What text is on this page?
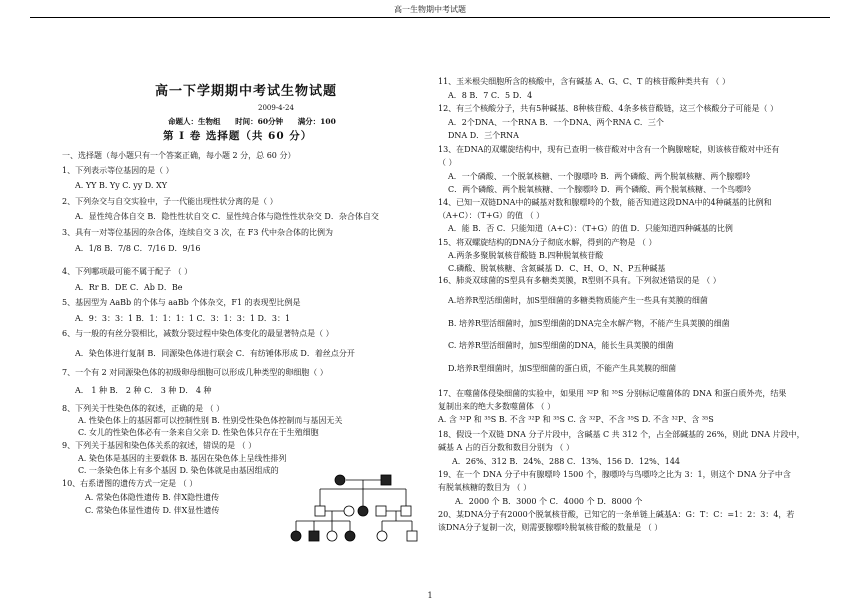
高一生物期中考试题
高一下学期期中考试生物试题
2009-4-24
命题人：生物组 时间：60分钟 满分：100
第 I 卷 选择题（共 60 分）
一、选择题（每小题只有一个答案正确，每小题 2 分，总 60 分）
1、下列表示等位基因的是（ ）
A. YY B. Yy C. yy D. XY
2、下列杂交与自交实验中，子一代能出现性状分离的是（ ）
A．显性纯合体自交 B．隐性性状自交 C．显性纯合体与隐性性状杂交 D．杂合体自交
3、具有一对等位基因的杂合体，连续自交 3 次，在 F3 代中杂合体的比例为
A．1/8 B．7/8 C．7/16 D．9/16
4、下列哪项最可能不属于配子 （ ）
A．Rr B．DE C．Ab D．Be
5、基因型为 AaBb 的个体与 aaBb 个体杂交，F1 的表现型比例是
A．9：3：3：1 B．1：1：1：1 C．3：1：3：1 D．3：1
6、与一般的有丝分裂相比，减数分裂过程中染色体变化的最显著特点是（ ）
A．染色体进行复制 B．同源染色体进行联会 C．有纺锤体形成 D．着丝点分开
7、一个有 2 对同源染色体的初级卵母细胞可以形成几种类型的卵细胞（ ）
A． 1 种 B． 2 种 C． 3 种 D． 4 种
8、下列关于性染色体的叙述，正确的是 （ ）
A. 性染色体上的基因都可以控制性别 B. 性别受性染色体控制而与基因无关
C. 女儿的性染色体必有一条来自父亲 D. 性染色体只存在于生殖细胞
9、下列关于基因和染色体关系的叙述，错误的是 （ ）
A. 染色体是基因的主要载体 B. 基因在染色体上呈线性排列
C. 一条染色体上有多个基因 D. 染色体就是由基因组成的
10、右系谱图的遗传方式一定是 （ ）
A. 常染色体隐性遗传 B. 伴X隐性遗传
C. 常染色体显性遗传 D. 伴X显性遗传
11、玉米根尖细胞所含的核酸中，含有碱基 A、G、C、T 的核苷酸种类共有 （ ）
A．8 B．7 C．5 D．4
12、有三个核酸分子，共有5种碱基、8种核苷酸、4条多核苷酸链，这三个核酸分子可能是（ ）
A．2个DNA、一个RNA B．一个DNA、两个RNA C．三个
DNA D．三个RNA
13、在DNA的双螺旋结构中，现有已查明一核苷酸对中含有一个胸腺嘧啶，则该核苷酸对中还有
（ ）
A．一个磷酸、一个脱氧核糖、一个腺嘌呤 B．两个磷酸、两个脱氧核糖、两个腺嘌呤
C．两个磷酸、两个脱氧核糖、一个腺嘌呤 D．两个磷酸、两个脱氧核糖、一个鸟嘌呤
14、已知一双链DNA中的碱基对数和腺嘌呤的个数，能否知道这段DNA中的4种碱基的比例和
（A+C）：（T+G）的值 （ ）
A．能 B．否 C．只能知道（A+C）：（T+G）的值 D．只能知道四种碱基的比例
15、将双螺旋结构的DNA分子彻底水解，得到的产物是 （ ）
A.两条多聚脱氧核苷酸链 B.四种脱氧核苷酸
C.磷酸、脱氧核糖、含氮碱基 D．C、H、O、N、P五种碱基
16、肺炎双球菌的S型具有多糖类荚膜，R型则不具有。下列叙述错误的是 （ ）
A.培养R型活细菌时，加S型细菌的多糖类物质能产生一些具有荚膜的细菌
B. 培养R型活细菌时，加S型细菌的DNA完全水解产物，不能产生具荚膜的细菌
C. 培养R型活细菌时，加S型细菌的DNA，能长生具荚膜的细菌
D.培养R型细菌时，加S型细菌的蛋白质，不能产生具荚膜的细菌
17、在噬菌体侵染细菌的实验中，如果用 ³²P 和 ³⁵S 分别标记噬菌体的 DNA 和蛋白质外壳，结果
复制出来的绝大多数噬菌体 （ ）
A. 含 ³²P 和 ³⁵S B. 不含 ³²P 和 ³⁵S C. 含 ³²P、不含 ³⁵S D. 不含 ³²P、含 ³⁵S
18、假设一个双链 DNA 分子片段中，含碱基 C 共 312 个，占全部碱基的 26%，则此 DNA 片段中，
碱基 A 占的百分数和数目分别为 （ ）
A．26%、312 B．24%、288 C．13%、156 D．12%、144
19、在一个 DNA 分子中有腺嘌呤 1500 个，腺嘌呤与鸟嘌呤之比为 3：1，则这个 DNA 分子中含
有脱氧核糖的数目为 （ ）
A．2000 个 B．3000 个 C．4000 个 D．8000 个
20、某DNA分子有2000个脱氧核苷酸，已知它的一条单链上碱基A：G：T：C：=1：2：3：4，若
该DNA分子复制一次，则需要腺嘌呤脱氧核苷酸的数量是 （ ）
1
